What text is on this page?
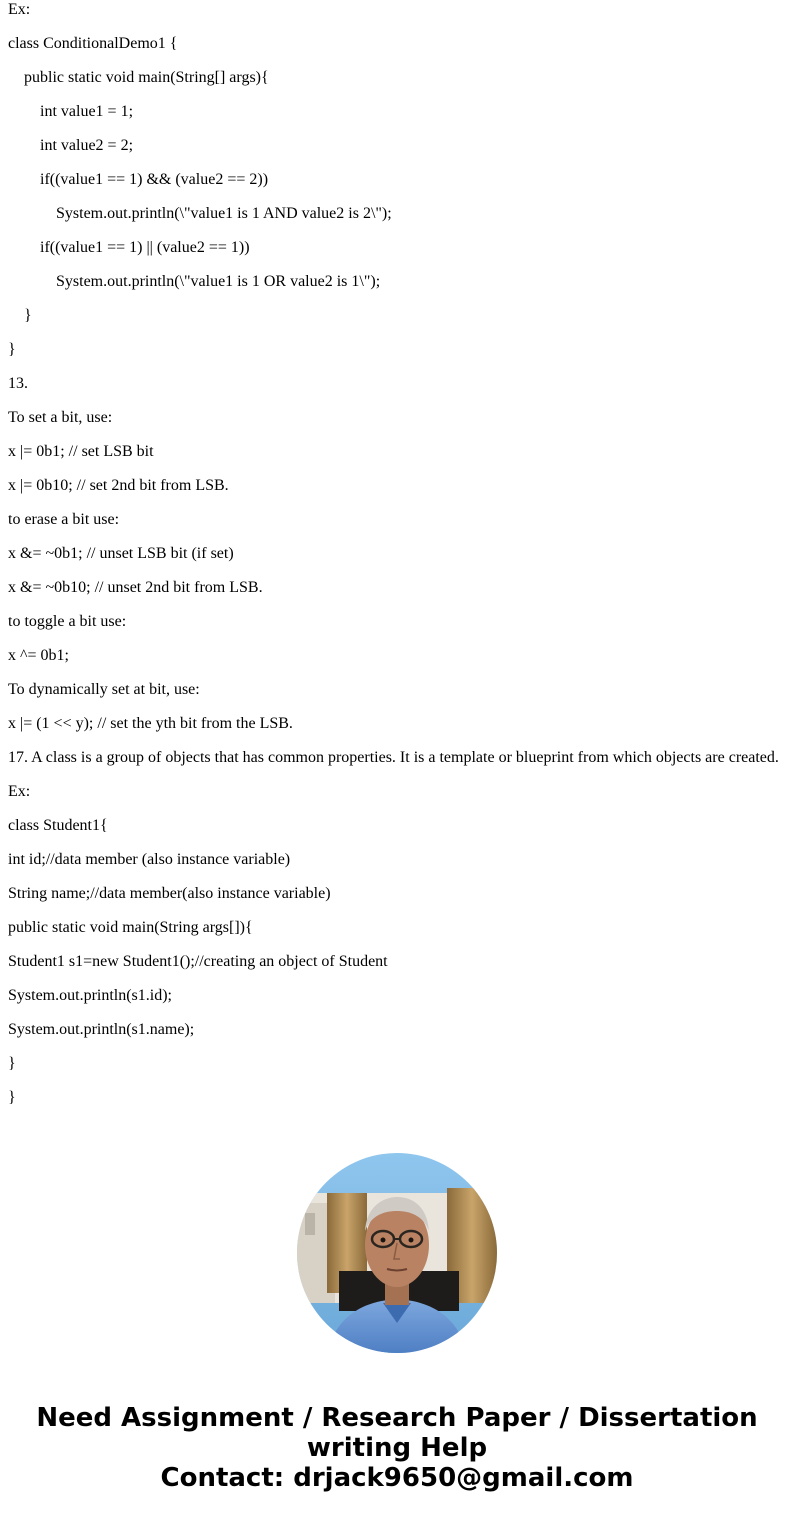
Ex:
class ConditionalDemo1 {
public static void main(String[] args){
int value1 = 1;
int value2 = 2;
if((value1 == 1) && (value2 == 2))
System.out.println(\"value1 is 1 AND value2 is 2\");
if((value1 == 1) || (value2 == 1))
System.out.println(\"value1 is 1 OR value2 is 1\");
}
}
13.
To set a bit, use:
x |= 0b1; // set LSB bit
x |= 0b10; // set 2nd bit from LSB.
to erase a bit use:
x &= ~0b1; // unset LSB bit (if set)
x &= ~0b10; // unset 2nd bit from LSB.
to toggle a bit use:
x ^= 0b1;
To dynamically set at bit, use:
x |= (1 << y); // set the yth bit from the LSB.
17. A class is a group of objects that has common properties. It is a template or blueprint from which objects are created.
Ex:
class Student1{
int id;//data member (also instance variable)
String name;//data member(also instance variable)
public static void main(String args[]){
Student1 s1=new Student1();//creating an object of Student
System.out.println(s1.id);
System.out.println(s1.name);
}
}
Need Assignment / Research Paper / Dissertation
writing Help
Contact: drjack9650@gmail.com
